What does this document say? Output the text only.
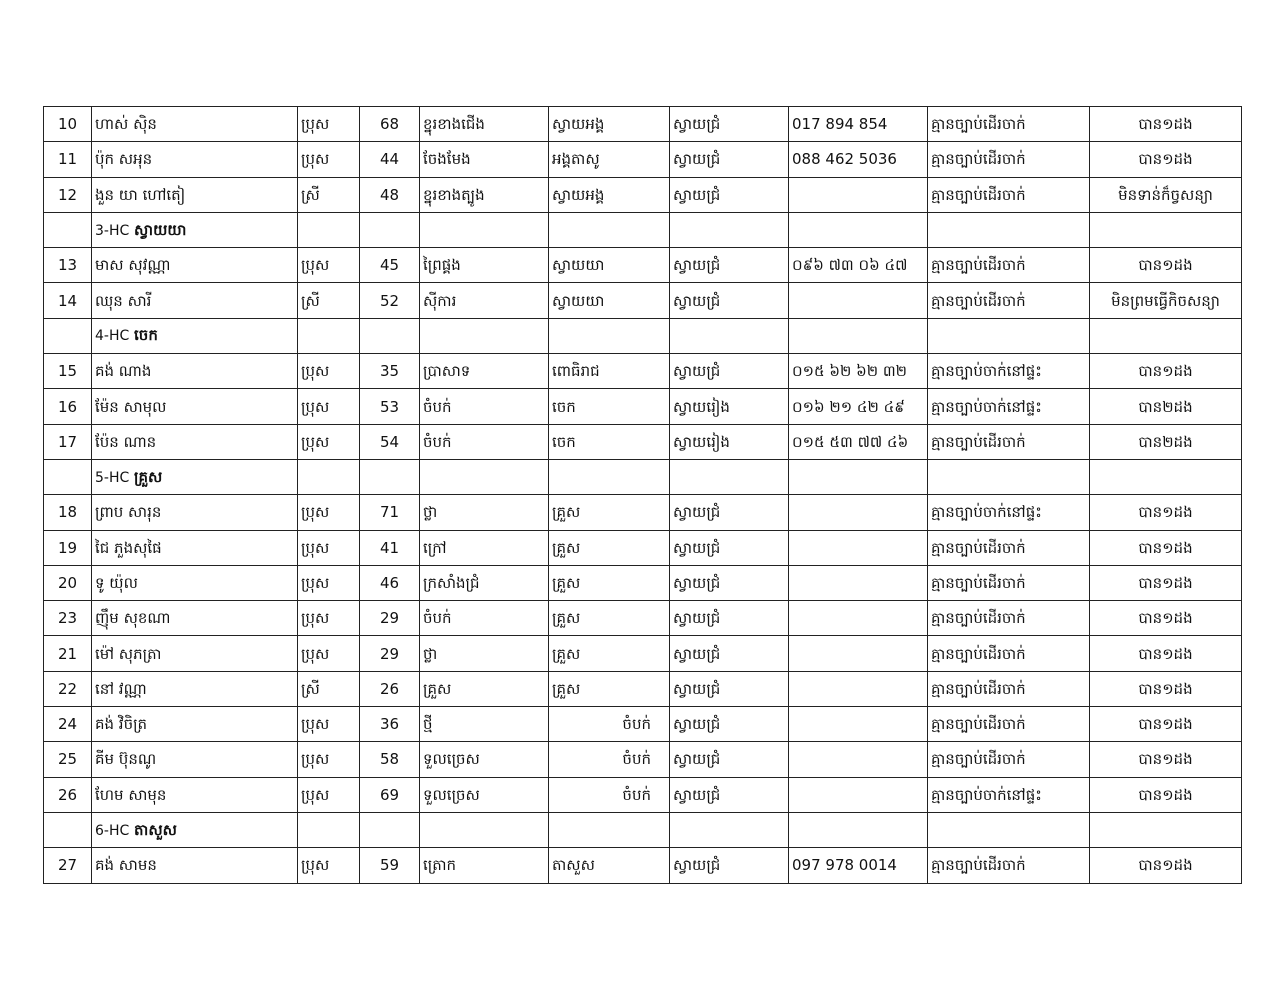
10	ហាស់ ស៊ិន	ប្រុស	68	ខ្នុរខាងជើង	ស្វាយអង្គ	ស្វាយជ្រំ	017 894 854	គ្មានច្បាប់ដើរចាក់	បាន១ដង
11	ប៉ុក សអុន	ប្រុស	44	ចែងមែង	អង្គតាសូ	ស្វាយជ្រំ	088 462 5036	គ្មានច្បាប់ដើរចាក់	បាន១ដង
12	ងួន យា ហៅតៀ	ស្រី	48	ខ្នុរខាងត្បូង	ស្វាយអង្គ	ស្វាយជ្រំ		គ្មានច្បាប់ដើរចាក់	មិនទាន់ក៏ច្វសន្យា
	3-HC ស្វាយយា								
13	មាស សុវណ្ណា	ប្រុស	45	ព្រៃផ្គង	ស្វាយយា	ស្វាយជ្រំ	០៩៦ ៧៣ ០៦ ៤៧	គ្មានច្បាប់ដើរចាក់	បាន១ដង
14	ឈុន សារី	ស្រី	52	ស៊ីការ	ស្វាយយា	ស្វាយជ្រំ		គ្មានច្បាប់ដើរចាក់	មិនព្រមធ្វើកិចសន្យា
	4-HC ចេក								
15	គង់ ណាង	ប្រុស	35	ប្រាសាទ	ពោធិរាជ	ស្វាយជ្រំ	០១៥ ៦២ ៦២ ៣២	គ្មានច្បាប់ចាក់នៅផ្ទះ	បាន១ដង
16	ម៉ែន សាមុល	ប្រុស	53	ចំបក់	ចេក	ស្វាយរៀង	០១៦ ២១ ៤២ ៤៩	គ្មានច្បាប់ចាក់នៅផ្ទះ	បាន២ដង
17	ប៉ែន ណាន	ប្រុស	54	ចំបក់	ចេក	ស្វាយរៀង	០១៥ ៥៣ ៧៧ ៤៦	គ្មានច្បាប់ដើរចាក់	បាន២ដង
	5-HC គ្រួស								
18	ព្រាប សារុន	ប្រុស	71	ថ្លា	គ្រួស	ស្វាយជ្រំ		គ្មានច្បាប់ចាក់នៅផ្ទះ	បាន១ដង
19	ជៃ ភួងសុផៃ	ប្រុស	41	ក្រៅ	គ្រួស	ស្វាយជ្រំ		គ្មានច្បាប់ដើរចាក់	បាន១ដង
20	ទូ យ៉ុល	ប្រុស	46	ក្រសាំងជ្រំ	គ្រួស	ស្វាយជ្រំ		គ្មានច្បាប់ដើរចាក់	បាន១ដង
23	ញ៉ឹម សុខណា	ប្រុស	29	ចំបក់	គ្រួស	ស្វាយជ្រំ		គ្មានច្បាប់ដើរចាក់	បាន១ដង
21	ម៉ៅ សុភត្រា	ប្រុស	29	ថ្លា	គ្រួស	ស្វាយជ្រំ		គ្មានច្បាប់ដើរចាក់	បាន១ដង
22	នៅ វណ្ណា	ស្រី	26	គ្រួស	គ្រួស	ស្វាយជ្រំ		គ្មានច្បាប់ដើរចាក់	បាន១ដង
24	គង់ វិចិត្រ	ប្រុស	36	ថ្មី	ចំបក់	ស្វាយជ្រំ		គ្មានច្បាប់ដើរចាក់	បាន១ដង
25	គីម ប៊ុនណូ	ប្រុស	58	ទួលច្រេស	ចំបក់	ស្វាយជ្រំ		គ្មានច្បាប់ដើរចាក់	បាន១ដង
26	ហែម សាមុន	ប្រុស	69	ទួលច្រេស	ចំបក់	ស្វាយជ្រំ		គ្មានច្បាប់ចាក់នៅផ្ទះ	បាន១ដង
	6-HC តាសួស								
27	គង់ សាមន	ប្រុស	59	ត្រោក	តាសួស	ស្វាយជ្រំ	097 978 0014	គ្មានច្បាប់ដើរចាក់	បាន១ដង
